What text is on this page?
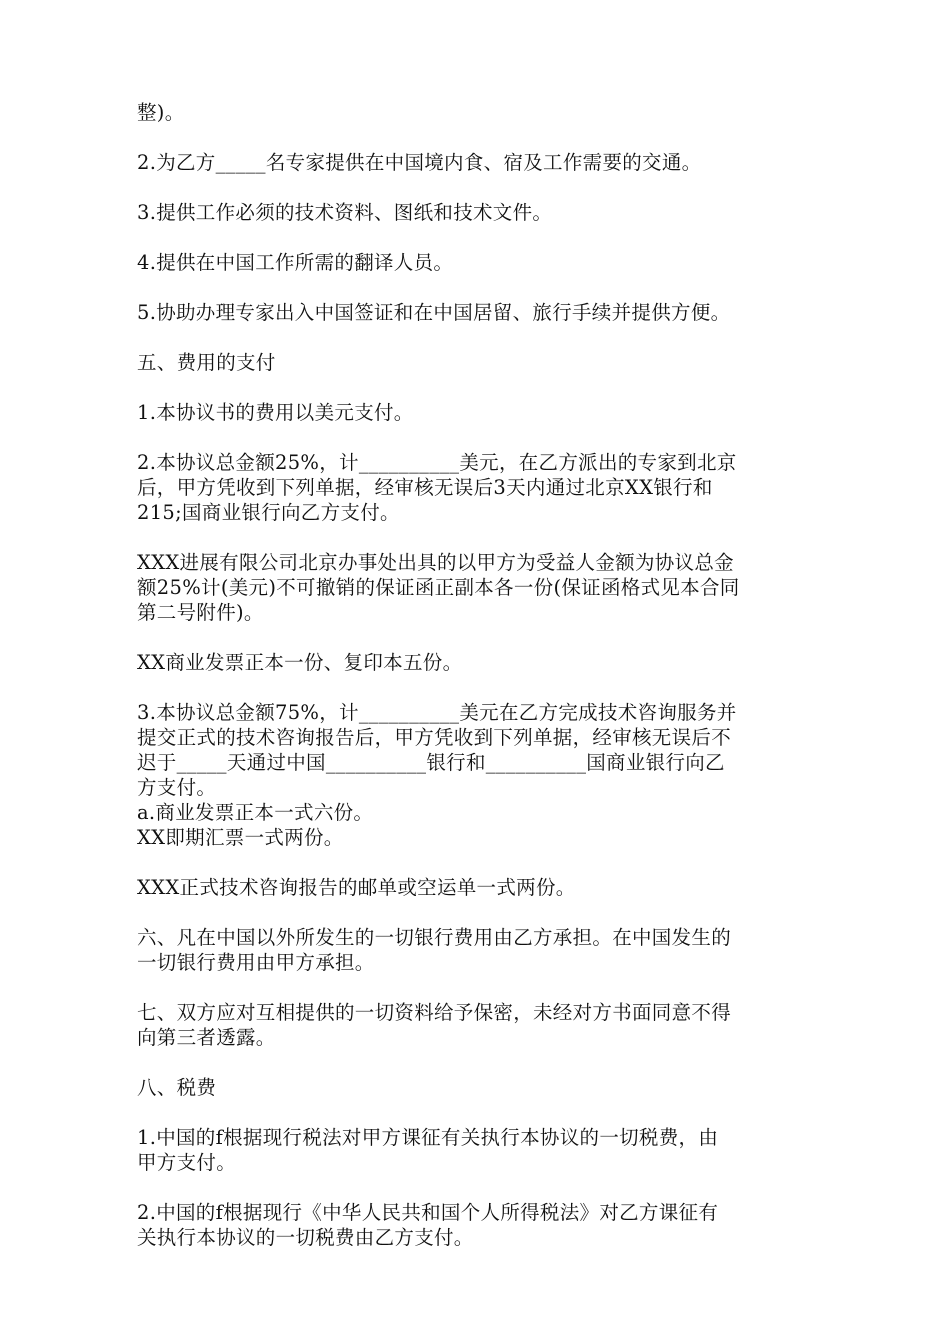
整)。

2.为乙方_____名专家提供在中国境内食、宿及工作需要的交通。

3.提供工作必须的技术资料、图纸和技术文件。

4.提供在中国工作所需的翻译人员。

5.协助办理专家出入中国签证和在中国居留、旅行手续并提供方便。

五、费用的支付

1.本协议书的费用以美元支付。

2.本协议总金额25%，计__________美元，在乙方派出的专家到北京
后，甲方凭收到下列单据，经审核无误后3天内通过北京XX银行和
215;国商业银行向乙方支付。

XXX进展有限公司北京办事处出具的以甲方为受益人金额为协议总金
额25%计(美元)不可撤销的保证函正副本各一份(保证函格式见本合同
第二号附件)。

XX商业发票正本一份、复印本五份。

3.本协议总金额75%，计__________美元在乙方完成技术咨询服务并
提交正式的技术咨询报告后，甲方凭收到下列单据，经审核无误后不
迟于_____天通过中国__________银行和__________国商业银行向乙
方支付。
a.商业发票正本一式六份。
XX即期汇票一式两份。

XXX正式技术咨询报告的邮单或空运单一式两份。

六、凡在中国以外所发生的一切银行费用由乙方承担。在中国发生的
一切银行费用由甲方承担。

七、双方应对互相提供的一切资料给予保密，未经对方书面同意不得
向第三者透露。

八、税费

1.中国的f根据现行税法对甲方课征有关执行本协议的一切税费，由
甲方支付。

2.中国的f根据现行《中华人民共和国个人所得税法》对乙方课征有
关执行本协议的一切税费由乙方支付。
